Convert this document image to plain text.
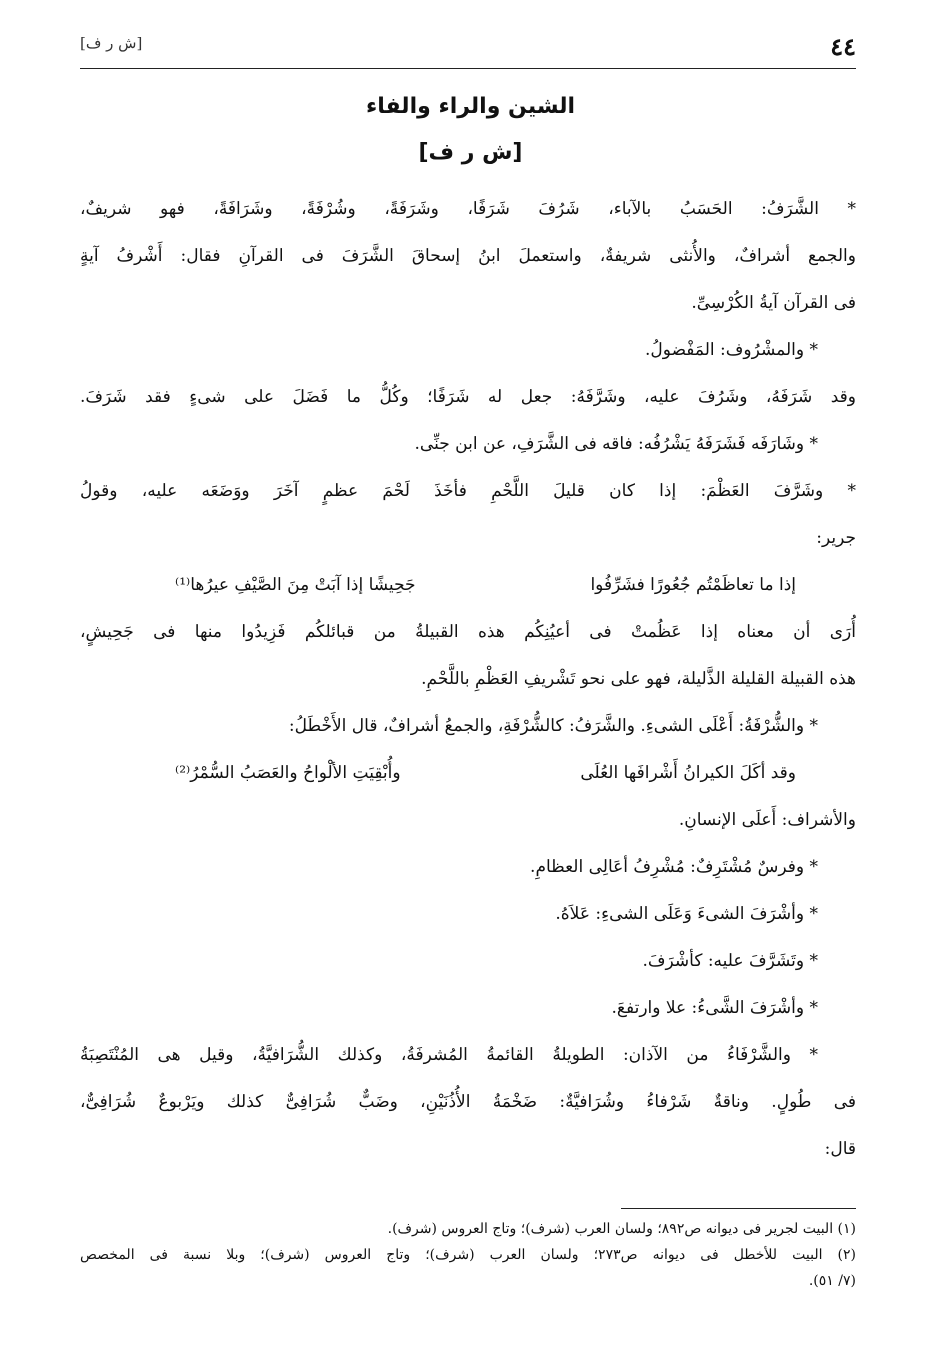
٤٤
[ش ر ف]
الشين والراء والفاء
[ش ر ف]
* الشَّرَفُ: الحَسَبُ بالآباء، شَرُفَ شَرَفًا، وشَرَفَةً، وشُرْفَةً، وشَرَافَةً، فهو شريفٌ،
والجمع أشرافٌ، والأُنثى شريفةٌ، واستعملَ ابنُ إسحاقَ الشَّرَفَ فى القرآنِ فقال: أَشْرفُ آيةٍ
فى القرآن آيةُ الكُرْسِىِّ.
* والمشْرُوف: المَفْضولُ.
وقد شَرَفَهُ، وشَرُفَ عليه، وشَرَّفَهُ: جعل له شَرَفًا؛ وكُلُّ ما فَضَلَ على شىءٍ فقد شَرَفَ.
* وشَارَفَه فَشَرَفَهُ يَشْرُفُه: فاقه فى الشَّرَفِ، عن ابن جنِّى.
* وشَرَّفَ العَظْمَ: إذا كان قليلَ اللَّحْمِ فأخَذَ لَحْمَ عظمٍ آخَرَ ووَضَعَه عليه، وقولُ
جرير:
إذا ما تعاظَمْتُم جُعُورًا فشَرِّفُوا
جَحِيشًا إذا آبَتْ مِنَ الصَّيْفِ عيرُها⁽¹⁾
أُرَى أن معناه إذا عَظُمتْ فى أعيُنِكُم هذه القبيلةُ من قبائلكُم فَزِيدُوا منها فى جَحِيشٍ،
هذه القبيلة القليلة الذَّليلة، فهو على نحو تَشْريفِ العَظْمِ باللَّحْمِ.
* والشُّرْفَةُ: أَعْلَى الشىءِ. والشَّرَفُ: كالشُّرْفَةِ، والجمعُ أشرافٌ، قال الأَخْطَلُ:
وقد أكَلَ الكيرانُ أَشْرافَها العُلَى
وأُبْقِيَتِ الألْواحُ والعَصَبُ السُّمْرُ⁽²⁾
والأشراف: أَعلَى الإنسانِ.
* وفرسٌ مُشْتَرِفٌ: مُشْرِفُ أعَالِى العظامِ.
* وأشْرَفَ الشىءَ وَعَلَى الشىءِ: عَلاَهُ.
* وتَشَرَّفَ عليه: كأشْرَفَ.
* وأشْرَفَ الشَّىءُ: علا وارتفعَ.
* والشَّرْفَاءُ من الآذان: الطويلةُ القائمةُ المُشرفَةُ، وكذلك الشُّرَافيَّةُ، وقيل هى المُنْتَصِبَةُ
فى طُولٍ. وناقةٌ شَرْفاءُ وشُرَافيَّةٌ: ضَخْمَةُ الأُذُنَيْنِ، وضَبٌّ شُرَافِىٌّ كذلك ويَرْبوعٌ شُرَافِىٌّ،
قال:
(١) البيت لجرير فى ديوانه ص٨٩٢؛ ولسان العرب (شرف)؛ وتاج العروس (شرف).
(٢) البيت للأخطل فى ديوانه ص٢٧٣؛ ولسان العرب (شرف)؛ وتاج العروس (شرف)؛ وبلا نسبة فى المخصص
(٧/ ٥١).
